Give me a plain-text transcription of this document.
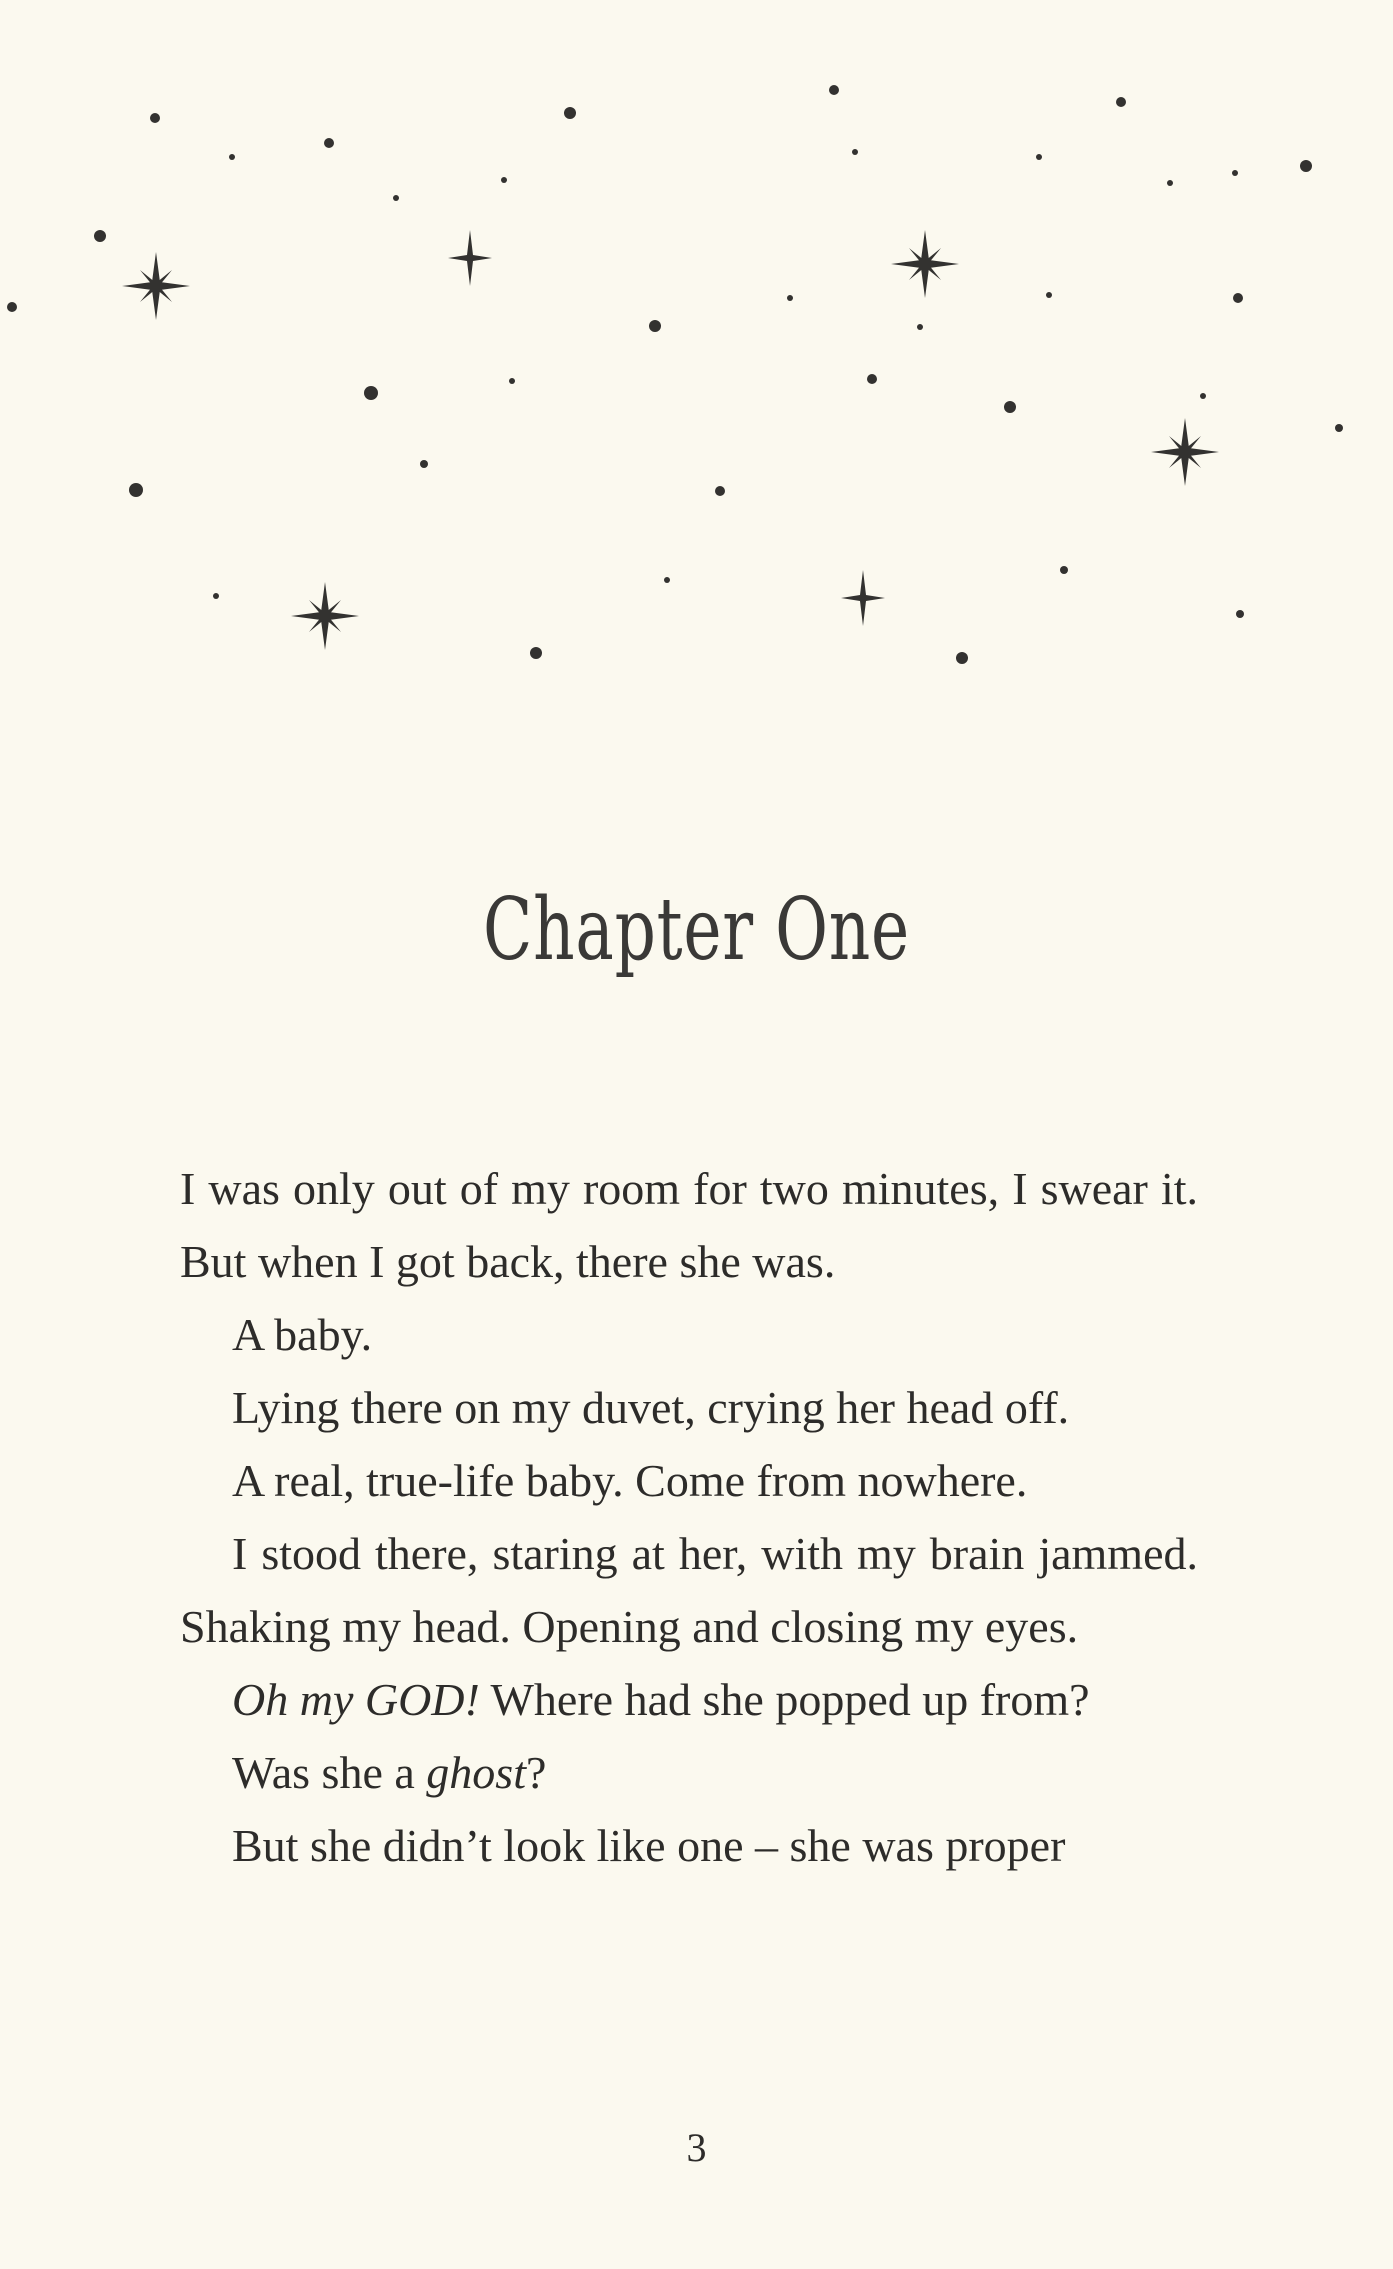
Chapter One

I was only out of my room for two minutes, I swear it. But when I got back, there she was.

A baby.

Lying there on my duvet, crying her head off.

A real, true-life baby. Come from nowhere.

I stood there, staring at her, with my brain jammed. Shaking my head. Opening and closing my eyes.

Oh my GOD! Where had she popped up from?

Was she a ghost?

But she didn’t look like one – she was proper

3
